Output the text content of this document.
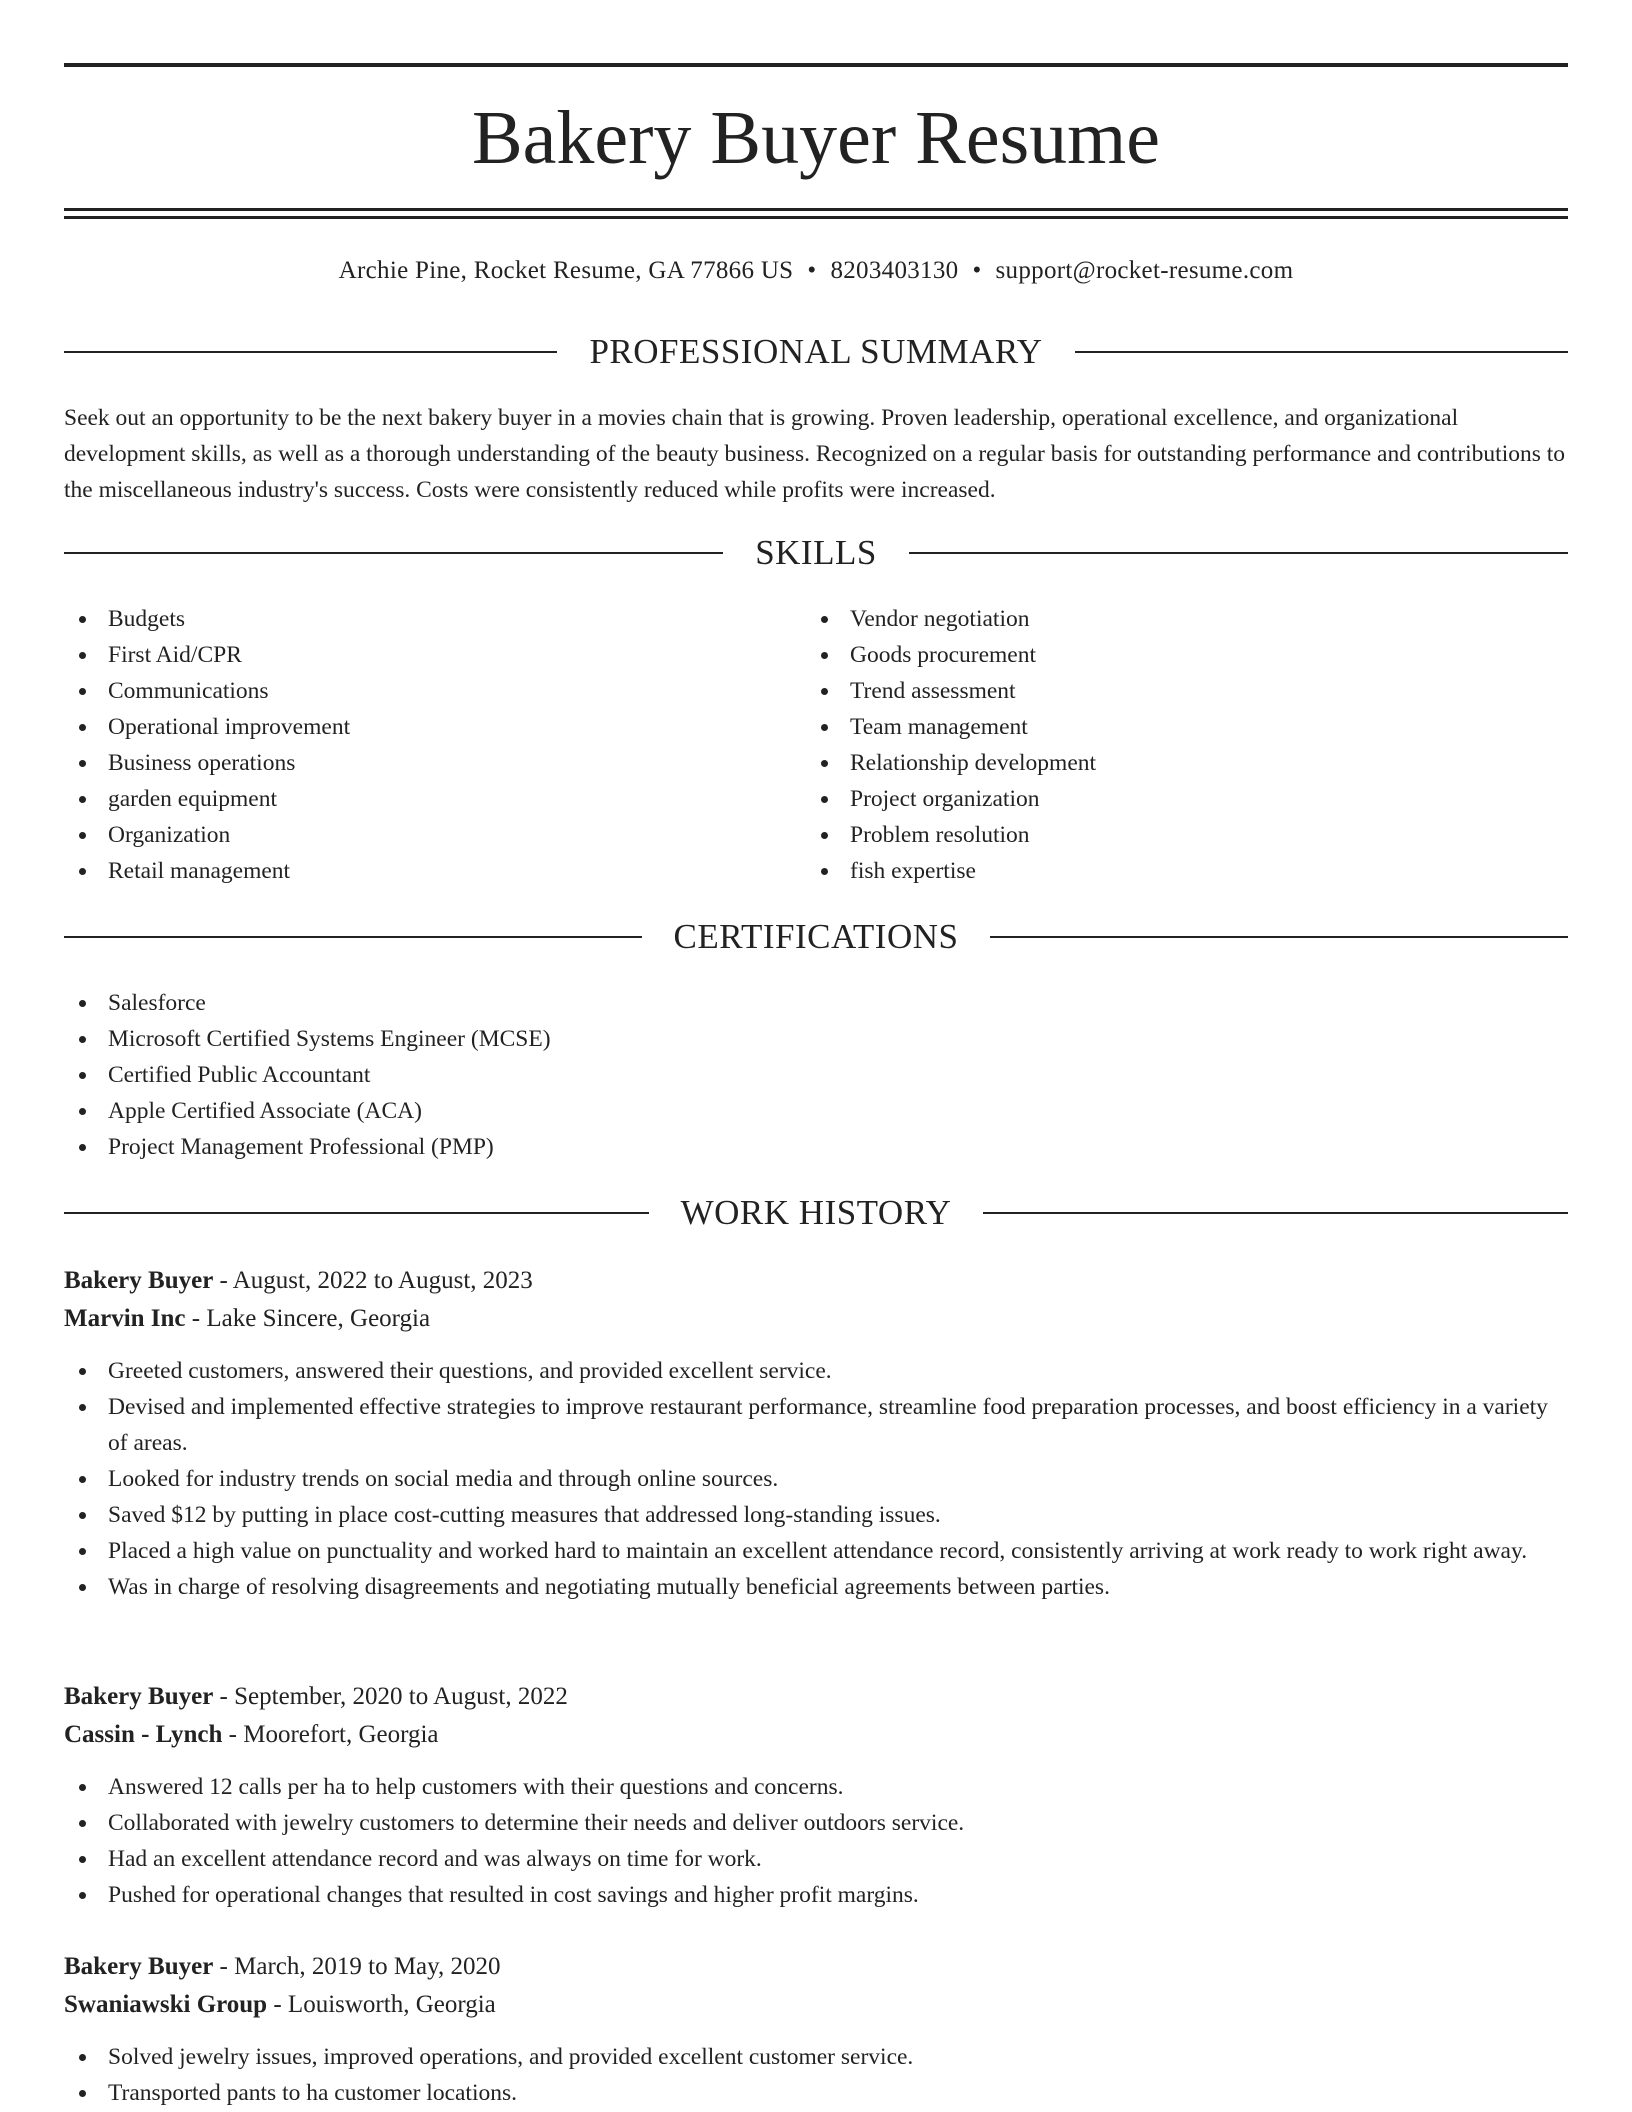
Bakery Buyer Resume
Archie Pine, Rocket Resume, GA 77866 US • 8203403130 • support@rocket-resume.com
PROFESSIONAL SUMMARY

Seek out an opportunity to be the next bakery buyer in a movies chain that is growing. Proven leadership, operational excellence, and organizational development skills, as well as a thorough understanding of the beauty business. Recognized on a regular basis for outstanding performance and contributions to the miscellaneous industry's success. Costs were consistently reduced while profits were increased.

SKILLS
Budgets
First Aid/CPR
Communications
Operational improvement
Business operations
garden equipment
Organization
Retail management
Vendor negotiation
Goods procurement
Trend assessment
Team management
Relationship development
Project organization
Problem resolution
fish expertise
CERTIFICATIONS
Salesforce
Microsoft Certified Systems Engineer (MCSE)
Certified Public Accountant
Apple Certified Associate (ACA)
Project Management Professional (PMP)
WORK HISTORY
Bakery Buyer - August, 2022 to August, 2023
Marvin Inc - Lake Sincere, Georgia
Greeted customers, answered their questions, and provided excellent service.
Devised and implemented effective strategies to improve restaurant performance, streamline food preparation processes, and boost efficiency in a variety of areas.
Looked for industry trends on social media and through online sources.
Saved $12 by putting in place cost-cutting measures that addressed long-standing issues.
Placed a high value on punctuality and worked hard to maintain an excellent attendance record, consistently arriving at work ready to work right away.
Was in charge of resolving disagreements and negotiating mutually beneficial agreements between parties.
Bakery Buyer - September, 2020 to August, 2022
Cassin - Lynch - Moorefort, Georgia
Answered 12 calls per ha to help customers with their questions and concerns.
Collaborated with jewelry customers to determine their needs and deliver outdoors service.
Had an excellent attendance record and was always on time for work.
Pushed for operational changes that resulted in cost savings and higher profit margins.
Bakery Buyer - March, 2019 to May, 2020
Swaniawski Group - Louisworth, Georgia
Solved jewelry issues, improved operations, and provided excellent customer service.
Transported pants to ha customer locations.
